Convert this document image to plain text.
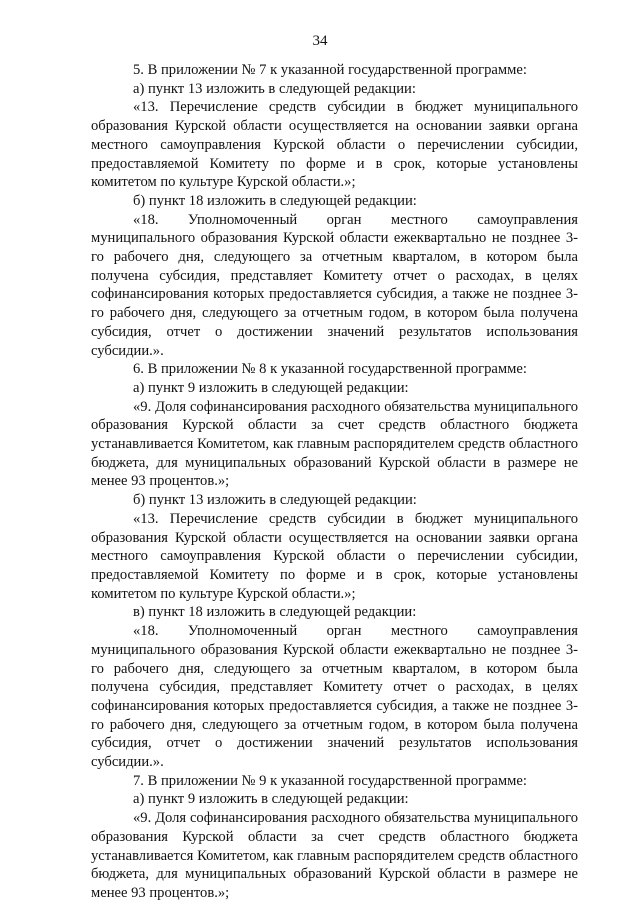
34

5. В приложении № 7 к указанной государственной программе:

а) пункт 13 изложить в следующей редакции:

«13. Перечисление средств субсидии в бюджет муниципального образования Курской области осуществляется на основании заявки органа местного самоуправления Курской области о перечислении субсидии, предоставляемой Комитету по форме и в срок, которые установлены комитетом по культуре Курской области.»;

б) пункт 18 изложить в следующей редакции:

«18. Уполномоченный орган местного самоуправления муниципального образования Курской области ежеквартально не позднее 3-го рабочего дня, следующего за отчетным кварталом, в котором была получена субсидия, представляет Комитету отчет о расходах, в целях софинансирования которых предоставляется субсидия, а также не позднее 3-го рабочего дня, следующего за отчетным годом, в котором была получена субсидия, отчет о достижении значений результатов использования субсидии.».

6. В приложении № 8 к указанной государственной программе:

а) пункт 9 изложить в следующей редакции:

«9. Доля софинансирования расходного обязательства муниципального образования Курской области за счет средств областного бюджета устанавливается Комитетом, как главным распорядителем средств областного бюджета, для муниципальных образований Курской области в размере не менее 93 процентов.»;

б) пункт 13 изложить в следующей редакции:

«13. Перечисление средств субсидии в бюджет муниципального образования Курской области осуществляется на основании заявки органа местного самоуправления Курской области о перечислении субсидии, предоставляемой Комитету по форме и в срок, которые установлены комитетом по культуре Курской области.»;

в) пункт 18 изложить в следующей редакции:

«18. Уполномоченный орган местного самоуправления муниципального образования Курской области ежеквартально не позднее 3-го рабочего дня, следующего за отчетным кварталом, в котором была получена субсидия, представляет Комитету отчет о расходах, в целях софинансирования которых предоставляется субсидия, а также не позднее 3-го рабочего дня, следующего за отчетным годом, в котором была получена субсидия, отчет о достижении значений результатов использования субсидии.».

7. В приложении № 9 к указанной государственной программе:

а) пункт 9 изложить в следующей редакции:

«9. Доля софинансирования расходного обязательства муниципального образования Курской области за счет средств областного бюджета устанавливается Комитетом, как главным распорядителем средств областного бюджета, для муниципальных образований Курской области в размере не менее 93 процентов.»;
